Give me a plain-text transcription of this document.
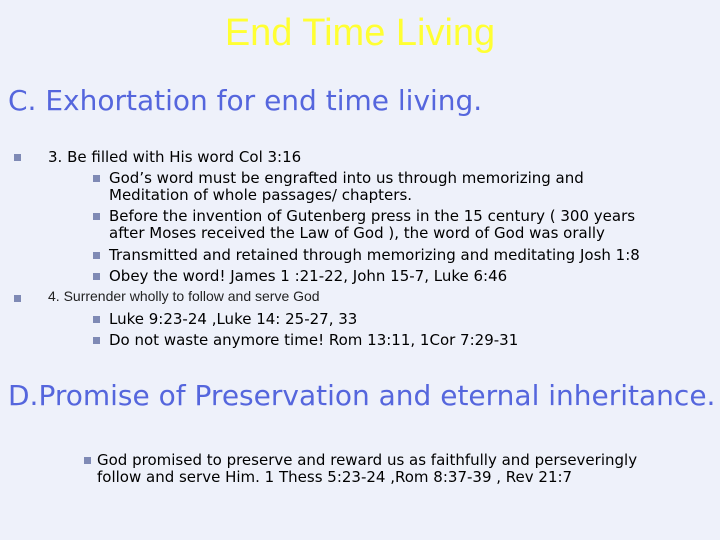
End Time Living
C. Exhortation for end time living.
3. Be filled with His word Col 3:16
God’s word must be engrafted into us through memorizing and
Meditation of whole passages/ chapters.
Before the invention of Gutenberg press in the 15 century ( 300 years
after Moses received the Law of God ), the word of God was orally
Transmitted and retained through memorizing and meditating Josh 1:8
Obey the word! James 1 :21-22, John 15-7, Luke 6:46
4. Surrender wholly to follow and serve God
Luke 9:23-24 ,Luke 14: 25-27, 33
Do not waste anymore time! Rom 13:11, 1Cor 7:29-31
D.Promise of Preservation and eternal inheritance.
God promised to preserve and reward us as faithfully and perseveringly
follow and serve Him. 1 Thess 5:23-24 ,Rom 8:37-39 , Rev 21:7
